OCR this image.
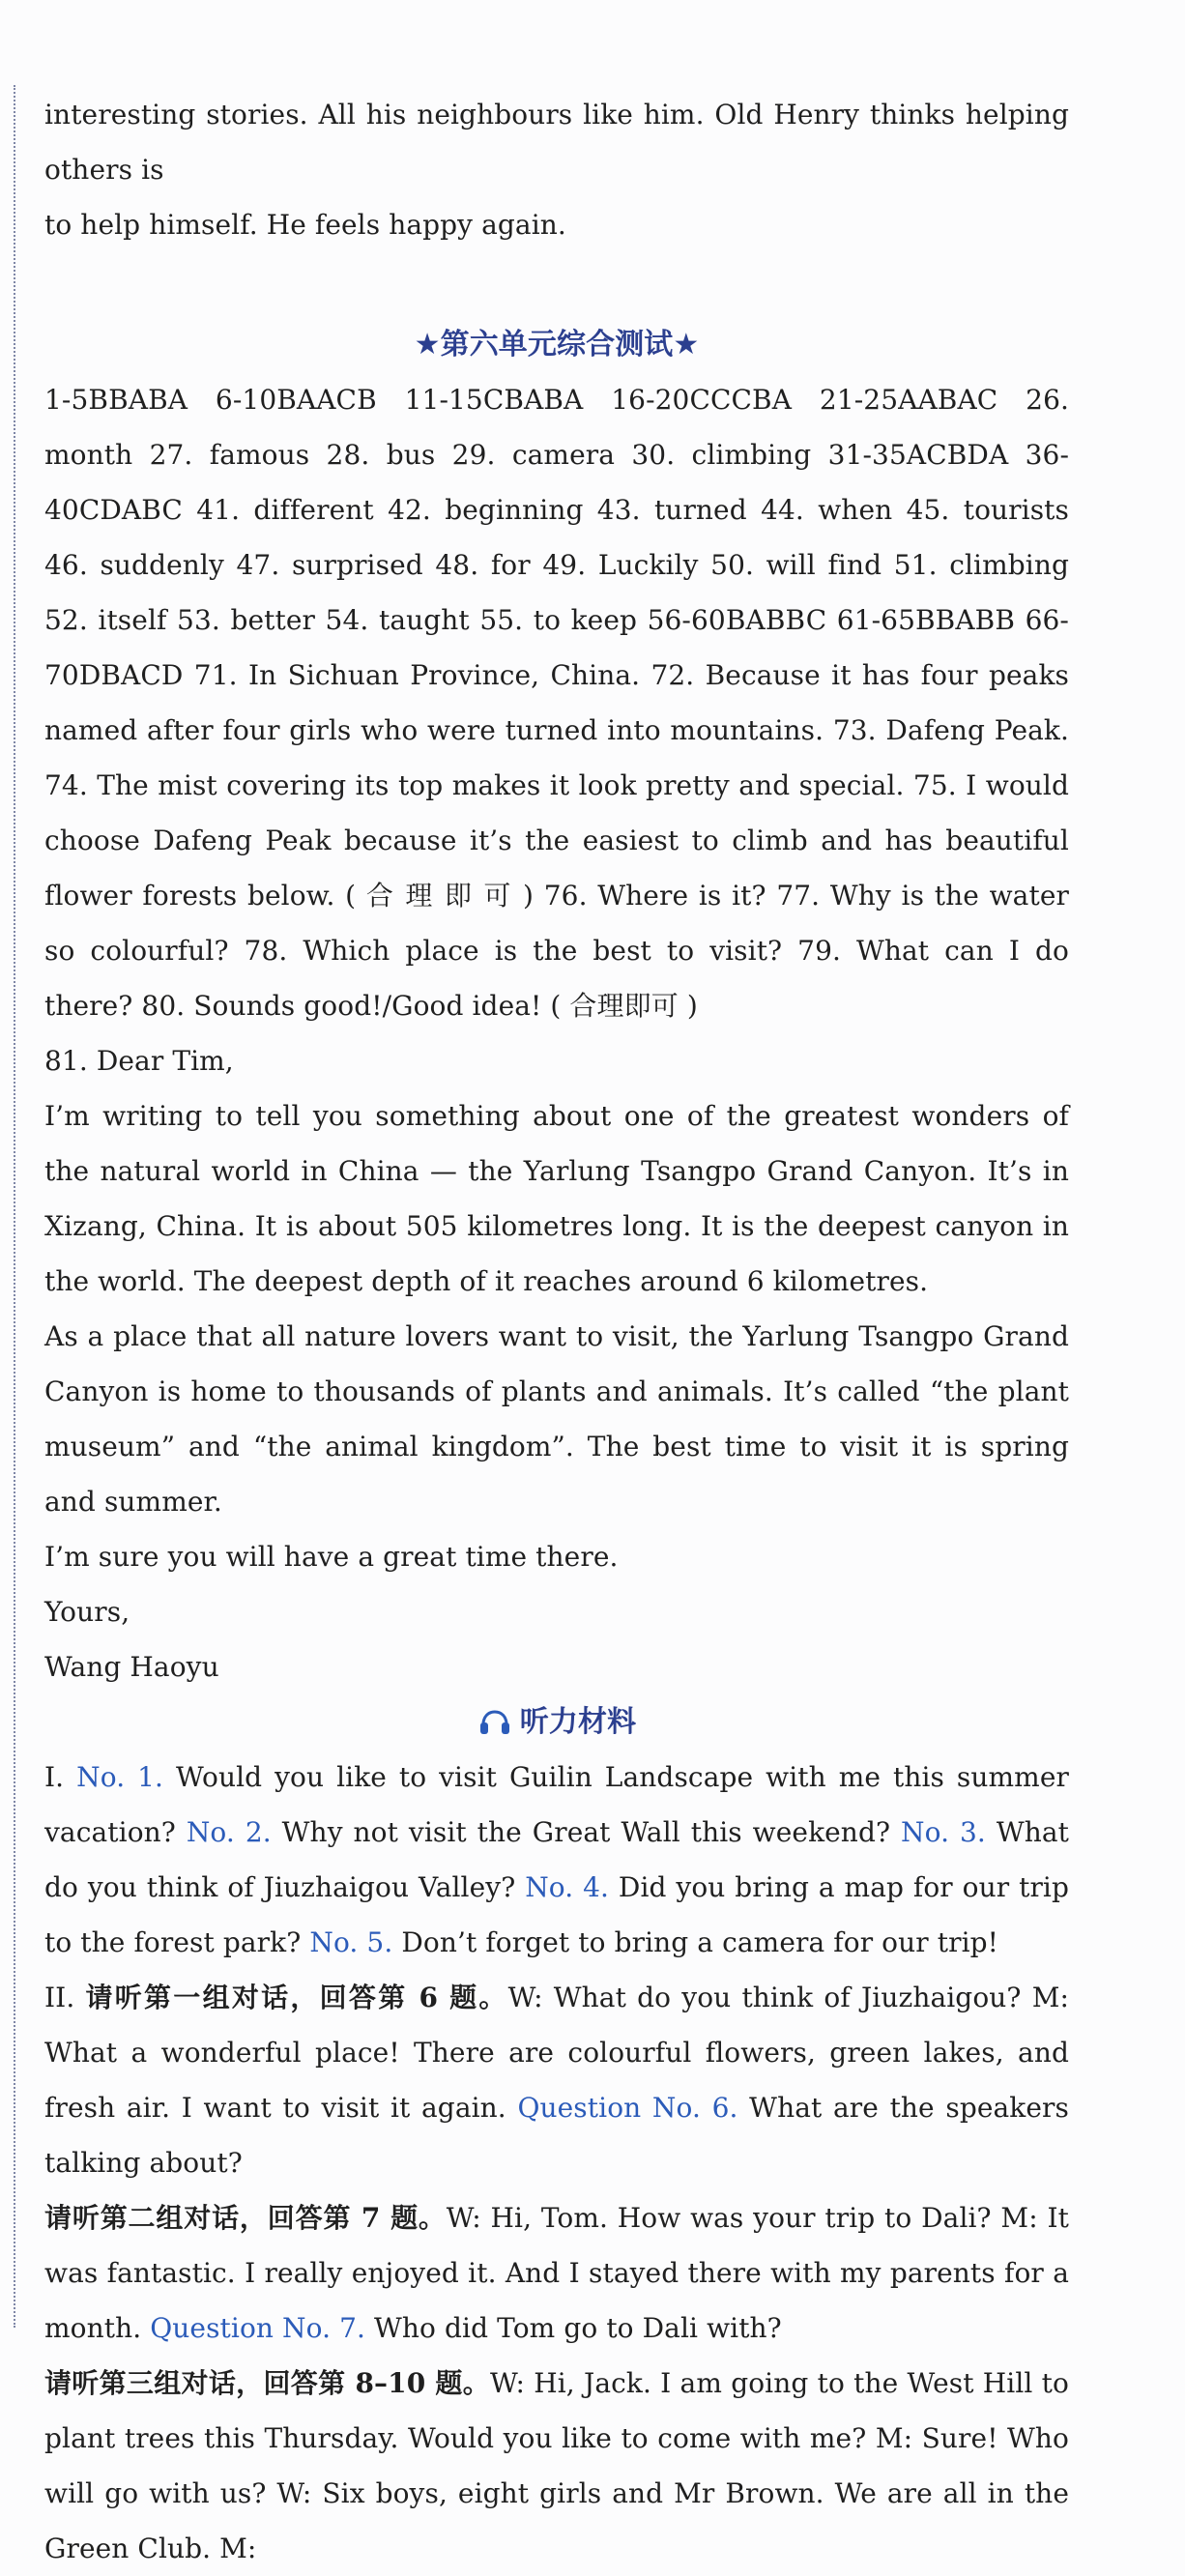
interesting stories. All his neighbours like him. Old Henry thinks helping others is

to help himself. He feels happy again.

★第六单元综合测试★

1-5BBABA 6-10BAACB 11-15CBABA 16-20CCCBA 21-25AABAC 26. month 27. famous 28. bus 29. camera 30. climbing 31-35ACBDA 36-40CDABC 41. different 42. beginning 43. turned 44. when 45. tourists 46. suddenly 47. surprised 48. for 49. Luckily 50. will find 51. climbing 52. itself 53. better 54. taught 55. to keep 56-60BABBC 61-65BBABB 66-70DBACD 71. In Sichuan Province, China. 72. Because it has four peaks named after four girls who were turned into mountains. 73. Dafeng Peak. 74. The mist covering its top makes it look pretty and special. 75. I would choose Dafeng Peak because it’s the easiest to climb and has beautiful flower forests below. ( 合 理 即 可 ) 76. Where is it? 77. Why is the water so colourful? 78. Which place is the best to visit? 79. What can I do there? 80. Sounds good!/Good idea! ( 合理即可 )

81. Dear Tim,

I’m writing to tell you something about one of the greatest wonders of the natural world in China — the Yarlung Tsangpo Grand Canyon. It’s in Xizang, China. It is about 505 kilometres long. It is the deepest canyon in the world. The deepest depth of it reaches around 6 kilometres.

As a place that all nature lovers want to visit, the Yarlung Tsangpo Grand Canyon is home to thousands of plants and animals. It’s called “the plant museum” and “the animal kingdom”. The best time to visit it is spring and summer.

I’m sure you will have a great time there.

Yours,

Wang Haoyu

听力材料

I. No. 1. Would you like to visit Guilin Landscape with me this summer vacation? No. 2. Why not visit the Great Wall this weekend? No. 3. What do you think of Jiuzhaigou Valley? No. 4. Did you bring a map for our trip to the forest park? No. 5. Don’t forget to bring a camera for our trip!

II. 请听第一组对话，回答第 6 题。W: What do you think of Jiuzhaigou? M: What a wonderful place! There are colourful flowers, green lakes, and fresh air. I want to visit it again. Question No. 6. What are the speakers talking about?

请听第二组对话，回答第 7 题。W: Hi, Tom. How was your trip to Dali? M: It was fantastic. I really enjoyed it. And I stayed there with my parents for a month. Question No. 7. Who did Tom go to Dali with?

请听第三组对话，回答第 8–10 题。W: Hi, Jack. I am going to the West Hill to plant trees this Thursday. Would you like to come with me? M: Sure! Who will go with us? W: Six boys, eight girls and Mr Brown. We are all in the Green Club. M:
